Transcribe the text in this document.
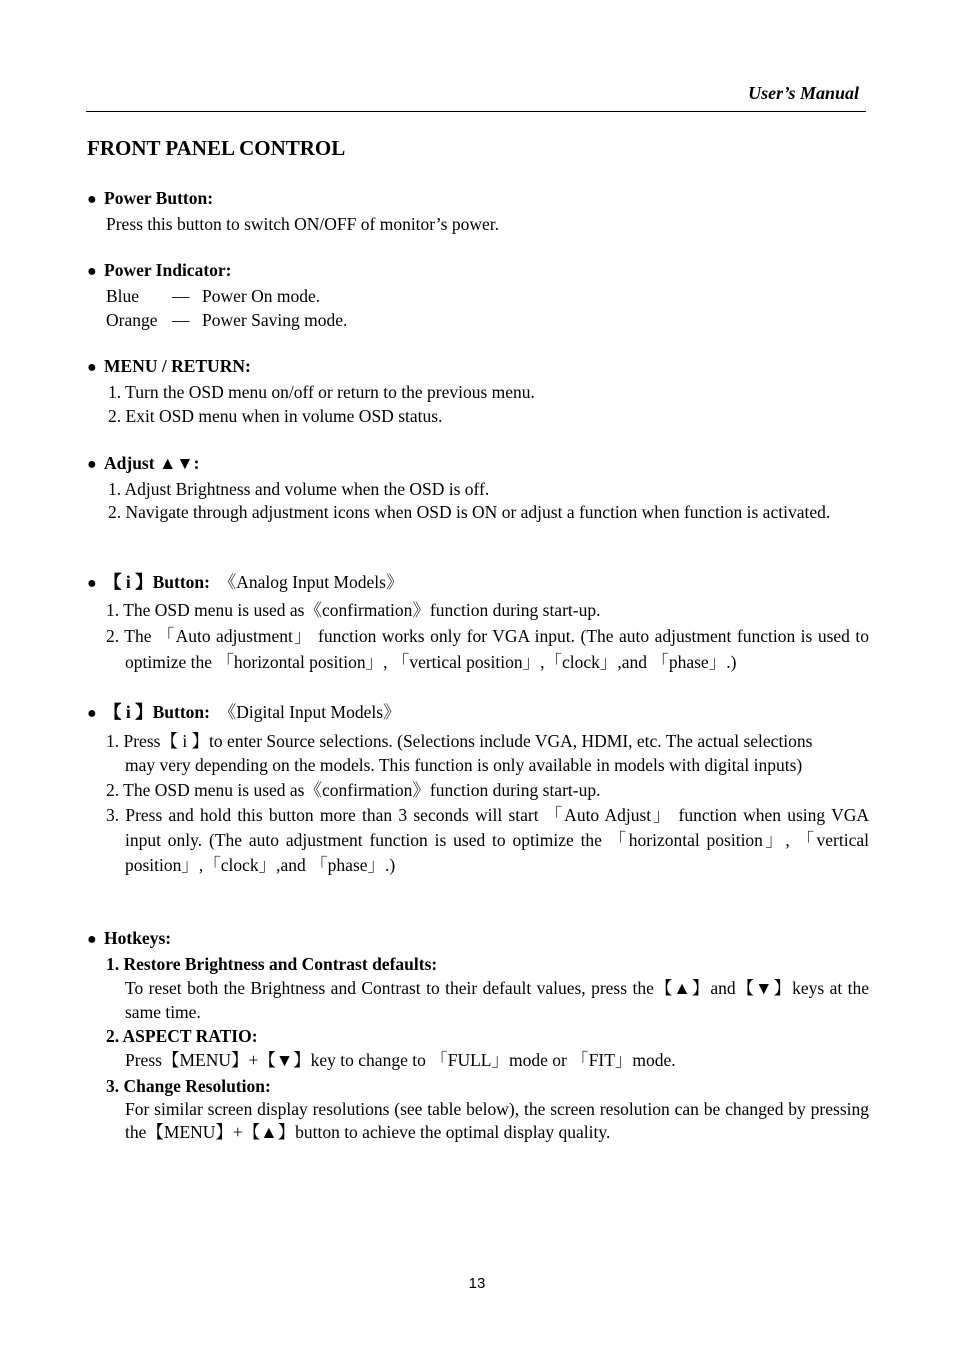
User’s Manual
FRONT PANEL CONTROL
● Power Button:
Press this button to switch ON/OFF of monitor’s power.
● Power Indicator:
Blue — Power On mode.
Orange — Power Saving mode.
● MENU / RETURN:
1. Turn the OSD menu on/off or return to the previous menu.
2. Exit OSD menu when in volume OSD status.
● Adjust ▲▼:
1. Adjust Brightness and volume when the OSD is off.
2. Navigate through adjustment icons when OSD is ON or adjust a function when function is activated.
● 【 i 】Button: 《Analog Input Models》
1. The OSD menu is used as《confirmation》function during start-up.
2. The 「Auto adjustment」 function works only for VGA input. (The auto adjustment function is used to optimize the 「horizontal position」, 「vertical position」,「clock」,and 「phase」.)
● 【 i 】Button: 《Digital Input Models》
1. Press【 i 】to enter Source selections. (Selections include VGA, HDMI, etc. The actual selections may very depending on the models. This function is only available in models with digital inputs)
2. The OSD menu is used as《confirmation》function during start-up.
3. Press and hold this button more than 3 seconds will start 「Auto Adjust」 function when using VGA input only. (The auto adjustment function is used to optimize the 「horizontal position」, 「vertical position」,「clock」,and 「phase」.)
● Hotkeys:
1. Restore Brightness and Contrast defaults:
To reset both the Brightness and Contrast to their default values, press the【▲】and【▼】keys at the same time.
2. ASPECT RATIO:
Press【MENU】+【▼】key to change to 「FULL」mode or 「FIT」mode.
3. Change Resolution:
For similar screen display resolutions (see table below), the screen resolution can be changed by pressing the【MENU】+【▲】button to achieve the optimal display quality.
13
